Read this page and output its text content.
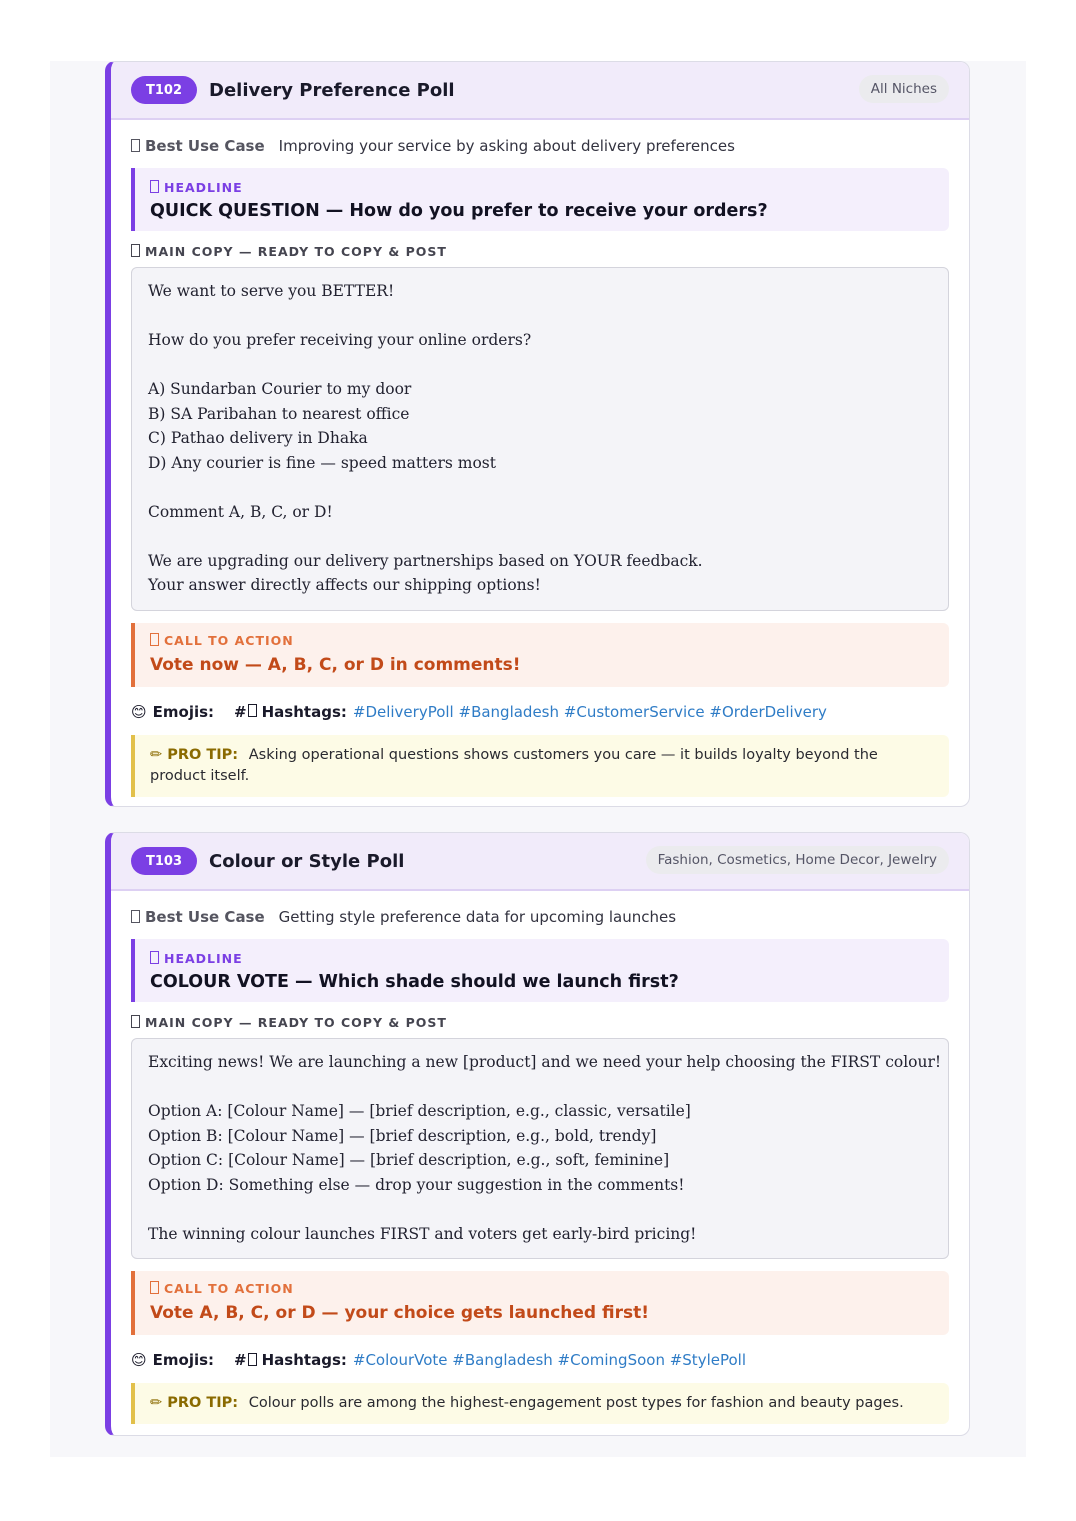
T102	Delivery Preference Poll	All Niches
Best Use Case Improving your service by asking about delivery preferences
HEADLINE
QUICK QUESTION — How do you prefer to receive your orders?
MAIN COPY — READY TO COPY & POST
We want to serve you BETTER!
How do you prefer receiving your online orders?
A) Sundarban Courier to my door
B) SA Paribahan to nearest office
C) Pathao delivery in Dhaka
D) Any courier is fine — speed matters most
Comment A, B, C, or D!
We are upgrading our delivery partnerships based on YOUR feedback.
Your answer directly affects our shipping options!
CALL TO ACTION
Vote now — A, B, C, or D in comments!
😊 Emojis: # Hashtags: #DeliveryPoll #Bangladesh #CustomerService #OrderDelivery
✏ PRO TIP: Asking operational questions shows customers you care — it builds loyalty beyond the product itself.
T103	Colour or Style Poll	Fashion, Cosmetics, Home Decor, Jewelry
Best Use Case Getting style preference data for upcoming launches
HEADLINE
COLOUR VOTE — Which shade should we launch first?
MAIN COPY — READY TO COPY & POST
Exciting news! We are launching a new [product] and we need your help choosing the FIRST colour!
Option A: [Colour Name] — [brief description, e.g., classic, versatile]
Option B: [Colour Name] — [brief description, e.g., bold, trendy]
Option C: [Colour Name] — [brief description, e.g., soft, feminine]
Option D: Something else — drop your suggestion in the comments!
The winning colour launches FIRST and voters get early-bird pricing!
CALL TO ACTION
Vote A, B, C, or D — your choice gets launched first!
😊 Emojis: # Hashtags: #ColourVote #Bangladesh #ComingSoon #StylePoll
✏ PRO TIP: Colour polls are among the highest-engagement post types for fashion and beauty pages.
